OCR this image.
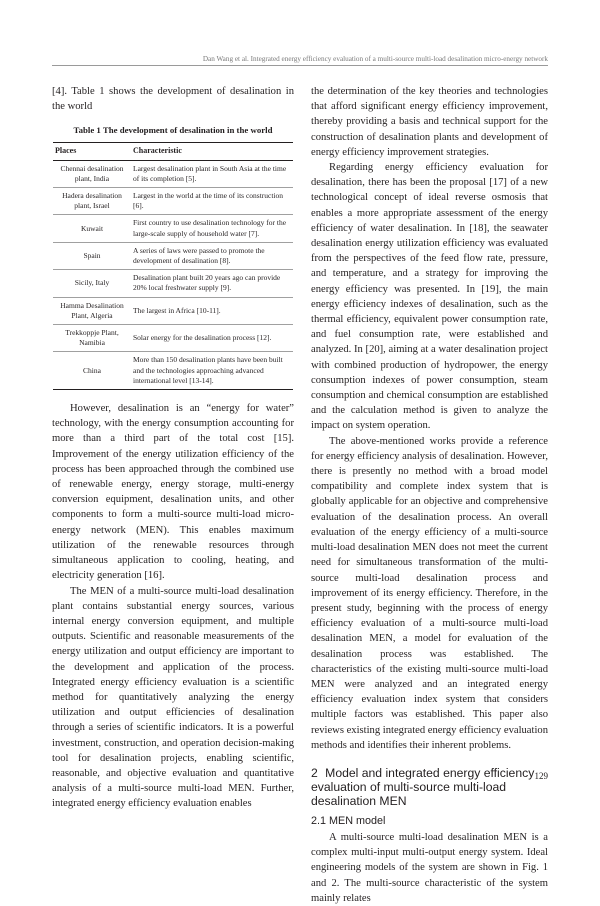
Dan Wang et al. Integrated energy efficiency evaluation of a multi-source multi-load desalination micro-energy network

[4]. Table 1 shows the development of desalination in the world

Table 1 The development of desalination in the world
Places	Characteristic
Chennai desalination plant, India	Largest desalination plant in South Asia at the time of its completion [5].
Hadera desalination plant, Israel	Largest in the world at the time of its construction [6].
Kuwait	First country to use desalination technology for the large-scale supply of household water [7].
Spain	A series of laws were passed to promote the development of desalination [8].
Sicily, Italy	Desalination plant built 20 years ago can provide 20% local freshwater supply [9].
Hamma Desalination Plant, Algeria	The largest in Africa [10-11].
Trekkoppje Plant, Namibia	Solar energy for the desalination process [12].
China	More than 150 desalination plants have been built and the technologies approaching advanced international level [13-14].

However, desalination is an “energy for water” technology, with the energy consumption accounting for more than a third part of the total cost [15]. Improvement of the energy utilization efficiency of the process has been approached through the combined use of renewable energy, energy storage, multi-energy conversion equipment, desalination units, and other components to form a multi-source multi-load micro-energy network (MEN). This enables maximum utilization of the renewable resources through simultaneous application to cooling, heating, and electricity generation [16].

The MEN of a multi-source multi-load desalination plant contains substantial energy sources, various internal energy conversion equipment, and multiple outputs. Scientific and reasonable measurements of the energy utilization and output efficiency are important to the development and application of the process. Integrated energy efficiency evaluation is a scientific method for quantitatively analyzing the energy utilization and output efficiencies of desalination through a series of scientific indicators. It is a powerful investment, construction, and operation decision-making tool for desalination projects, enabling scientific, reasonable, and objective evaluation and quantitative analysis of a multi-source multi-load MEN. Further, integrated energy efficiency evaluation enables

the determination of the key theories and technologies that afford significant energy efficiency improvement, thereby providing a basis and technical support for the construction of desalination plants and development of energy efficiency improvement strategies.

Regarding energy efficiency evaluation for desalination, there has been the proposal [17] of a new technological concept of ideal reverse osmosis that enables a more appropriate assessment of the energy efficiency of water desalination. In [18], the seawater desalination energy utilization efficiency was evaluated from the perspectives of the feed flow rate, pressure, and temperature, and a strategy for improving the energy efficiency was presented. In [19], the main energy efficiency indexes of desalination, such as the thermal efficiency, equivalent power consumption rate, and fuel consumption rate, were established and analyzed. In [20], aiming at a water desalination project with combined production of hydropower, the energy consumption indexes of power consumption, steam consumption and chemical consumption are established and the calculation method is given to analyze the impact on system operation.

The above-mentioned works provide a reference for energy efficiency analysis of desalination. However, there is presently no method with a broad model compatibility and complete index system that is globally applicable for an objective and comprehensive evaluation of the desalination process. An overall evaluation of the energy efficiency of a multi-source multi-load desalination MEN does not meet the current need for simultaneous transformation of the multi-source multi-load desalination process and improvement of its energy efficiency. Therefore, in the present study, beginning with the process of energy efficiency evaluation of a multi-source multi-load desalination MEN, a model for evaluation of the desalination process was established. The characteristics of the existing multi-source multi-load MEN were analyzed and an integrated energy efficiency evaluation index system that considers multiple factors was established. This paper also reviews existing integrated energy efficiency evaluation methods and identifies their inherent problems.

2 Model and integrated energy efficiency evaluation of multi-source multi-load desalination MEN
2.1 MEN model

A multi-source multi-load desalination MEN is a complex multi-input multi-output energy system. Ideal engineering models of the system are shown in Fig. 1 and 2. The multi-source characteristic of the system mainly relates

129
